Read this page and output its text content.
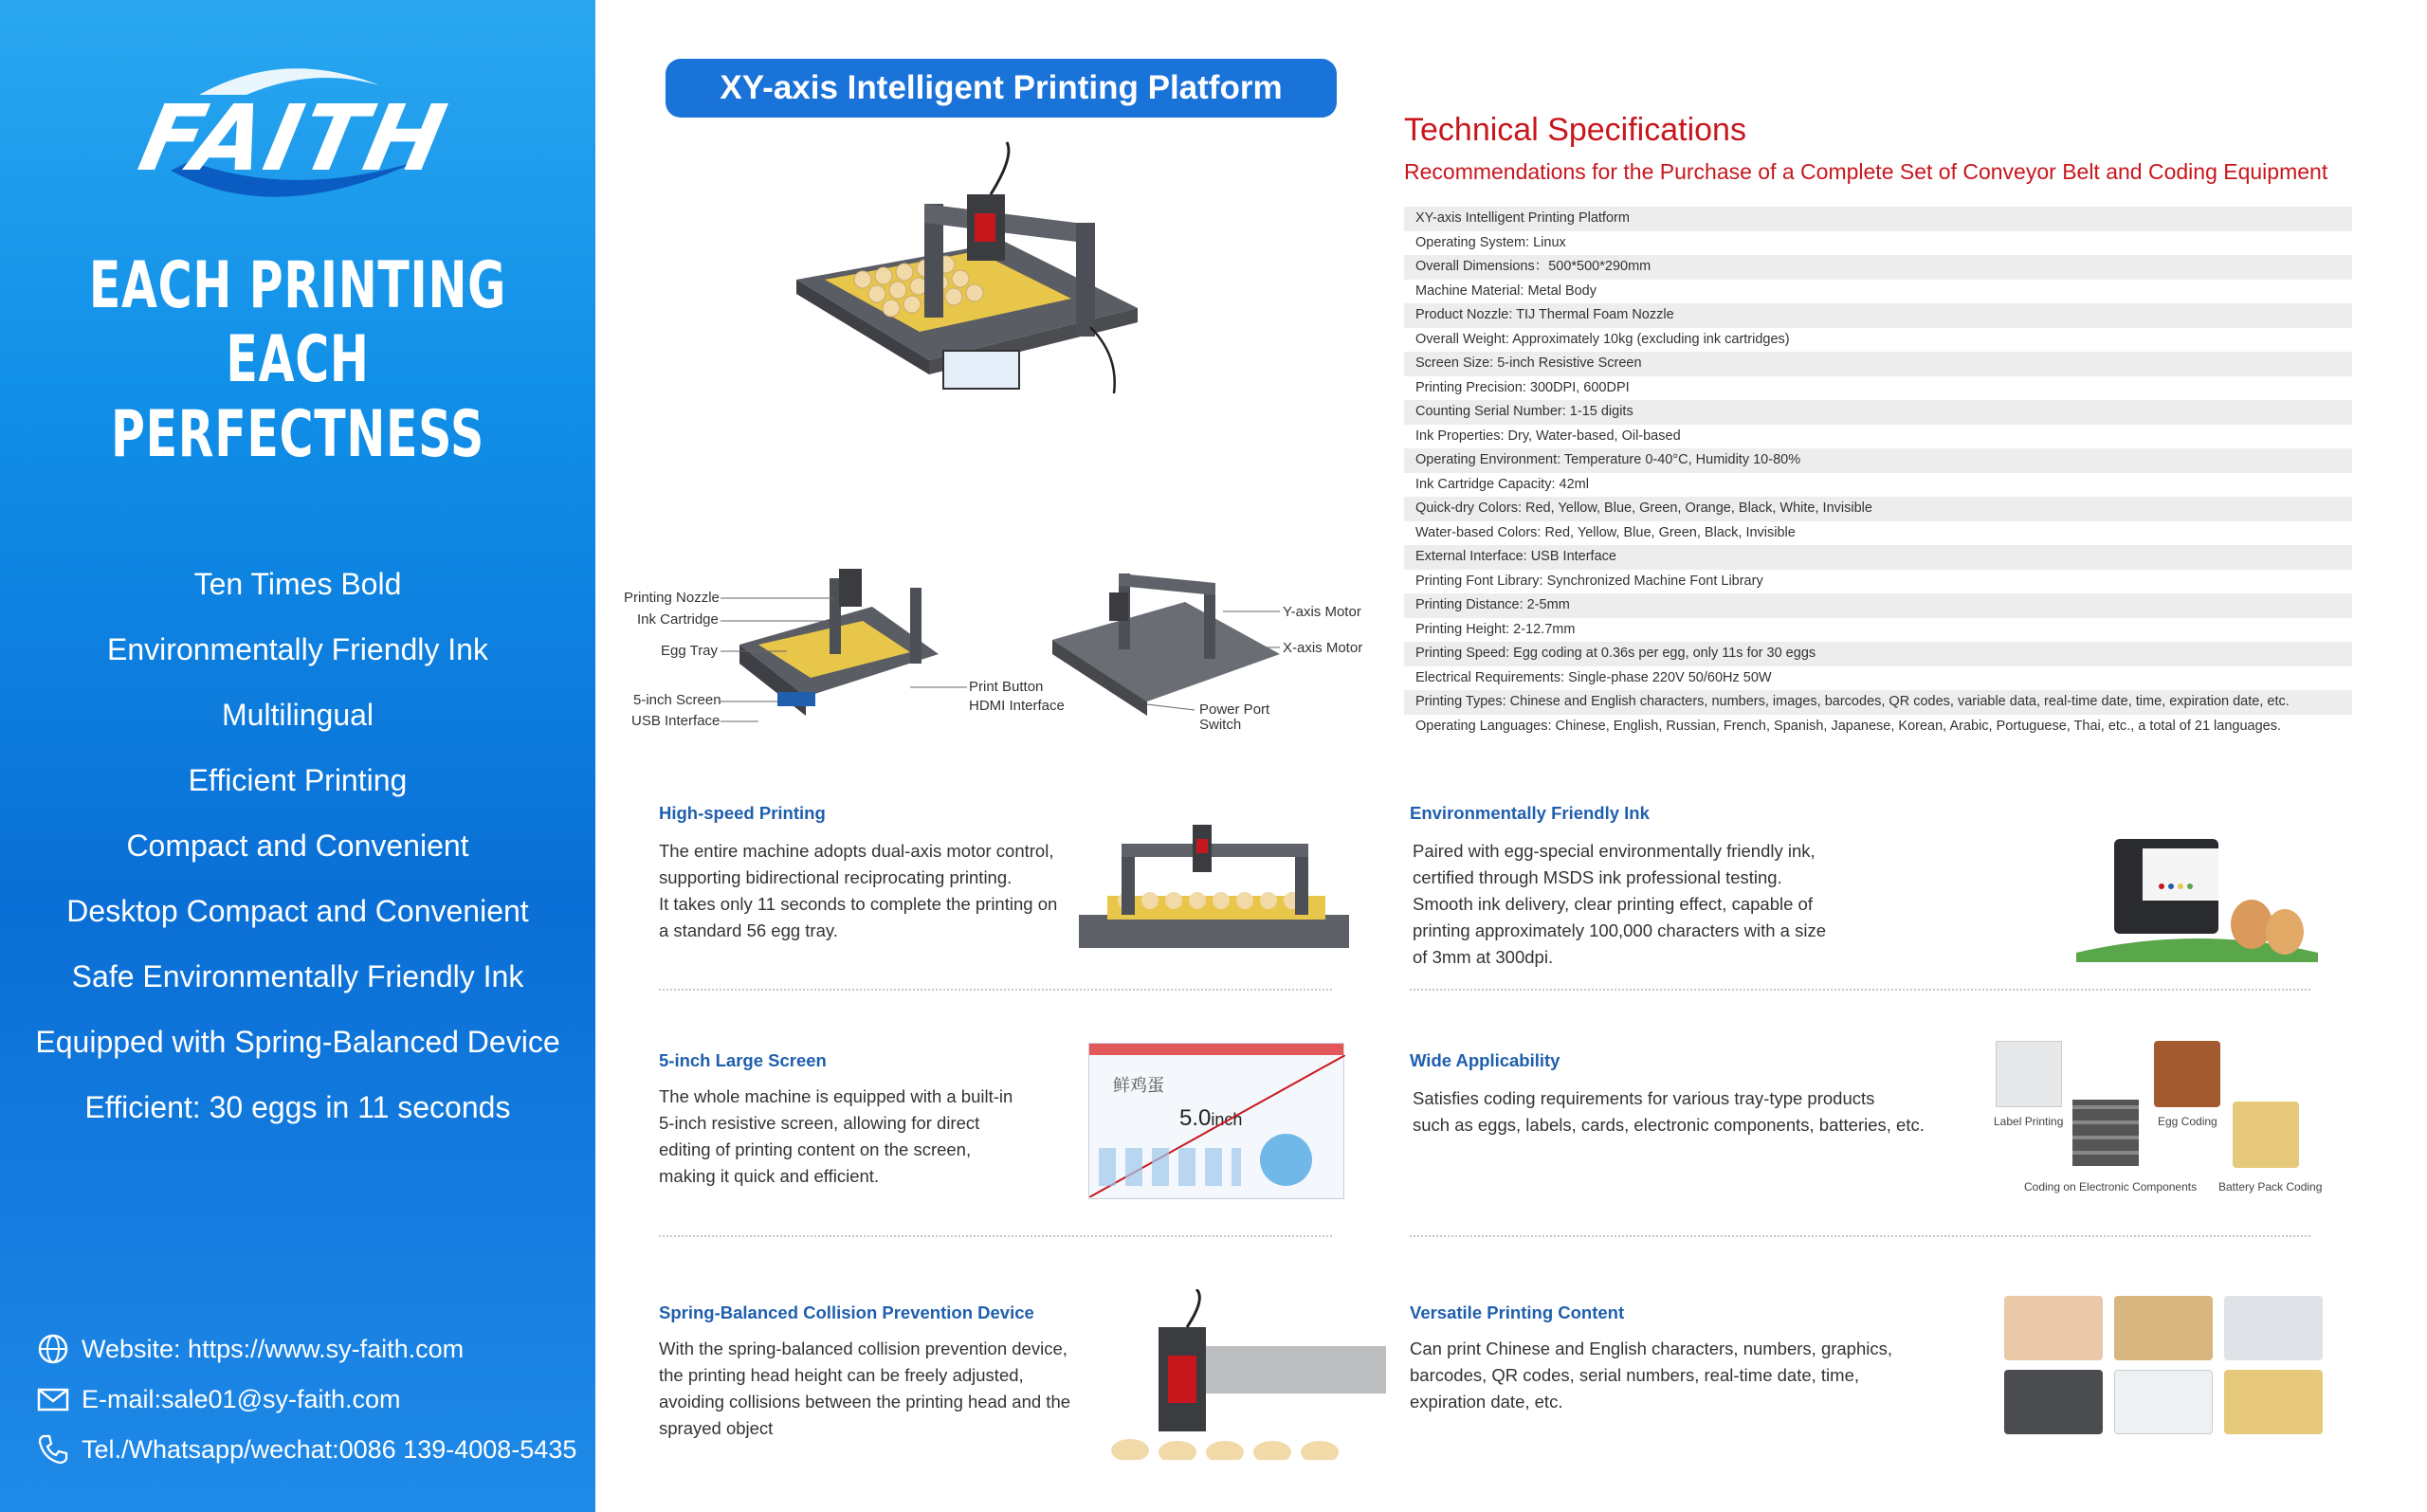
FAITH
EACH PRINTING
EACH PERFECTNESS
Ten Times Bold
Environmentally Friendly Ink
Multilingual
Efficient Printing
Compact and Convenient
Desktop Compact and Convenient
Safe Environmentally Friendly Ink
Equipped with Spring-Balanced Device
Efficient: 30 eggs in 11 seconds
Website: https://www.sy-faith.com
E-mail:sale01@sy-faith.com
Tel./Whatsapp/wechat:0086 139-4008-5435
XY-axis Intelligent Printing Platform
Printing Nozzle
Ink Cartridge
Egg Tray
5-inch Screen
USB Interface
Print Button
HDMI Interface
Y-axis Motor
X-axis Motor
Power Port
Switch
Technical Specifications
Recommendations for the Purchase of a Complete Set of Conveyor Belt and Coding Equipment
XY-axis Intelligent Printing Platform
Operating System: Linux
Overall Dimensions：500*500*290mm
Machine Material: Metal Body
Product Nozzle: TIJ Thermal Foam Nozzle
Overall Weight: Approximately 10kg (excluding ink cartridges)
Screen Size: 5-inch Resistive Screen
Printing Precision: 300DPI, 600DPI
Counting Serial Number: 1-15 digits
Ink Properties: Dry, Water-based, Oil-based
Operating Environment: Temperature 0-40°C, Humidity 10-80%
Ink Cartridge Capacity: 42ml
Quick-dry Colors: Red, Yellow, Blue, Green, Orange, Black, White, Invisible
Water-based Colors: Red, Yellow, Blue, Green, Black, Invisible
External Interface: USB Interface
Printing Font Library: Synchronized Machine Font Library
Printing Distance: 2-5mm
Printing Height: 2-12.7mm
Printing Speed: Egg coding at 0.36s per egg, only 11s for 30 eggs
Electrical Requirements: Single-phase 220V 50/60Hz 50W
Printing Types: Chinese and English characters, numbers, images, barcodes, QR codes, variable data, real-time date, time, expiration date, etc.
Operating Languages: Chinese, English, Russian, French, Spanish, Japanese, Korean, Arabic, Portuguese, Thai, etc., a total of 21 languages.
High-speed Printing
The entire machine adopts dual-axis motor control,
supporting bidirectional reciprocating printing.
It takes only 11 seconds to complete the printing on
a standard 56 egg tray.
Environmentally Friendly Ink
Paired with egg-special environmentally friendly ink,
certified through MSDS ink professional testing.
Smooth ink delivery, clear printing effect, capable of
printing approximately 100,000 characters with a size
of 3mm at 300dpi.
5-inch Large Screen
The whole machine is equipped with a built-in
5-inch resistive screen, allowing for direct
editing of printing content on the screen,
making it quick and efficient.
鲜鸡蛋
5.0inch
Wide Applicability
Satisfies coding requirements for various tray-type products
such as eggs, labels, cards, electronic components, batteries, etc.	Label Printing	Egg Coding
Coding on Electronic Components Battery Pack Coding
Spring-Balanced Collision Prevention Device
With the spring-balanced collision prevention device,
the printing head height can be freely adjusted,
avoiding collisions between the printing head and the
sprayed object
Versatile Printing Content
Can print Chinese and English characters, numbers, graphics,
barcodes, QR codes, serial numbers, real-time date, time,
expiration date, etc.
